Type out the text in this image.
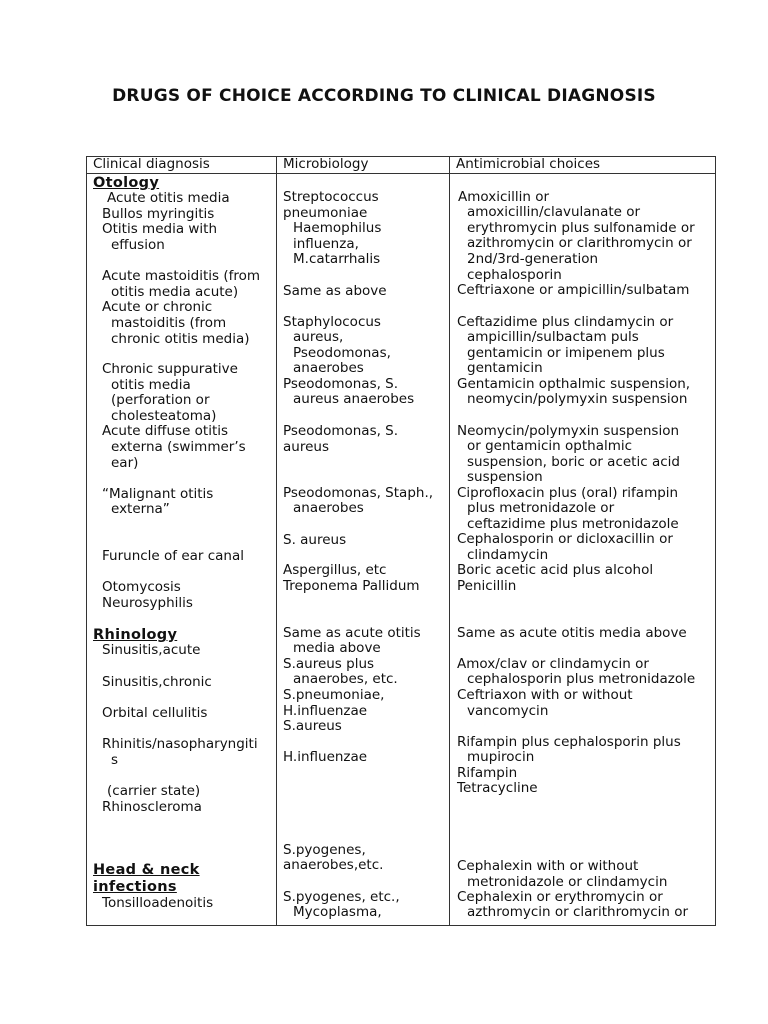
DRUGS OF CHOICE ACCORDING TO CLINICAL DIAGNOSIS
Clinical diagnosis	Microbiology	Antimicrobial choices
Otology
Acute otitis media
Bullos myringitis
Otitis media with
effusion
Acute mastoiditis (from
otitis media acute)
Acute or chronic
mastoiditis (from
chronic otitis media)
Chronic suppurative
otitis media
(perforation or
cholesteatoma)
Acute diffuse otitis
externa (swimmer’s
ear)
“Malignant otitis
externa”
Furuncle of ear canal
Otomycosis
Neurosyphilis
Rhinology
Sinusitis,acute
Sinusitis,chronic
Orbital cellulitis
Rhinitis/nasopharyngiti
s
(carrier state)
Rhinoscleroma
Head & neck
infections
Tonsilloadenoitis
Streptococcus
pneumoniae
Haemophilus
influenza,
M.catarrhalis
Same as above
Staphylococus
aureus,
Pseodomonas,
anaerobes
Pseodomonas, S.
aureus anaerobes
Pseodomonas, S.
aureus
Pseodomonas, Staph.,
anaerobes
S. aureus
Aspergillus, etc
Treponema Pallidum
Same as acute otitis
media above
S.aureus plus
anaerobes, etc.
S.pneumoniae,
H.influenzae
S.aureus
H.influenzae
S.pyogenes,
anaerobes,etc.
S.pyogenes, etc.,
Mycoplasma,
Amoxicillin or
amoxicillin/clavulanate or
erythromycin plus sulfonamide or
azithromycin or clarithromycin or
2nd/3rd-generation
cephalosporin
Ceftriaxone or ampicillin/sulbatam
Ceftazidime plus clindamycin or
ampicillin/sulbactam puls
gentamicin or imipenem plus
gentamicin
Gentamicin opthalmic suspension,
neomycin/polymyxin suspension
Neomycin/polymyxin suspension
or gentamicin opthalmic
suspension, boric or acetic acid
suspension
Ciprofloxacin plus (oral) rifampin
plus metronidazole or
ceftazidime plus metronidazole
Cephalosporin or dicloxacillin or
clindamycin
Boric acetic acid plus alcohol
Penicillin
Same as acute otitis media above
Amox/clav or clindamycin or
cephalosporin plus metronidazole
Ceftriaxon with or without
vancomycin
Rifampin plus cephalosporin plus
mupirocin
Rifampin
Tetracycline
Cephalexin with or without
metronidazole or clindamycin
Cephalexin or erythromycin or
azthromycin or clarithromycin or
